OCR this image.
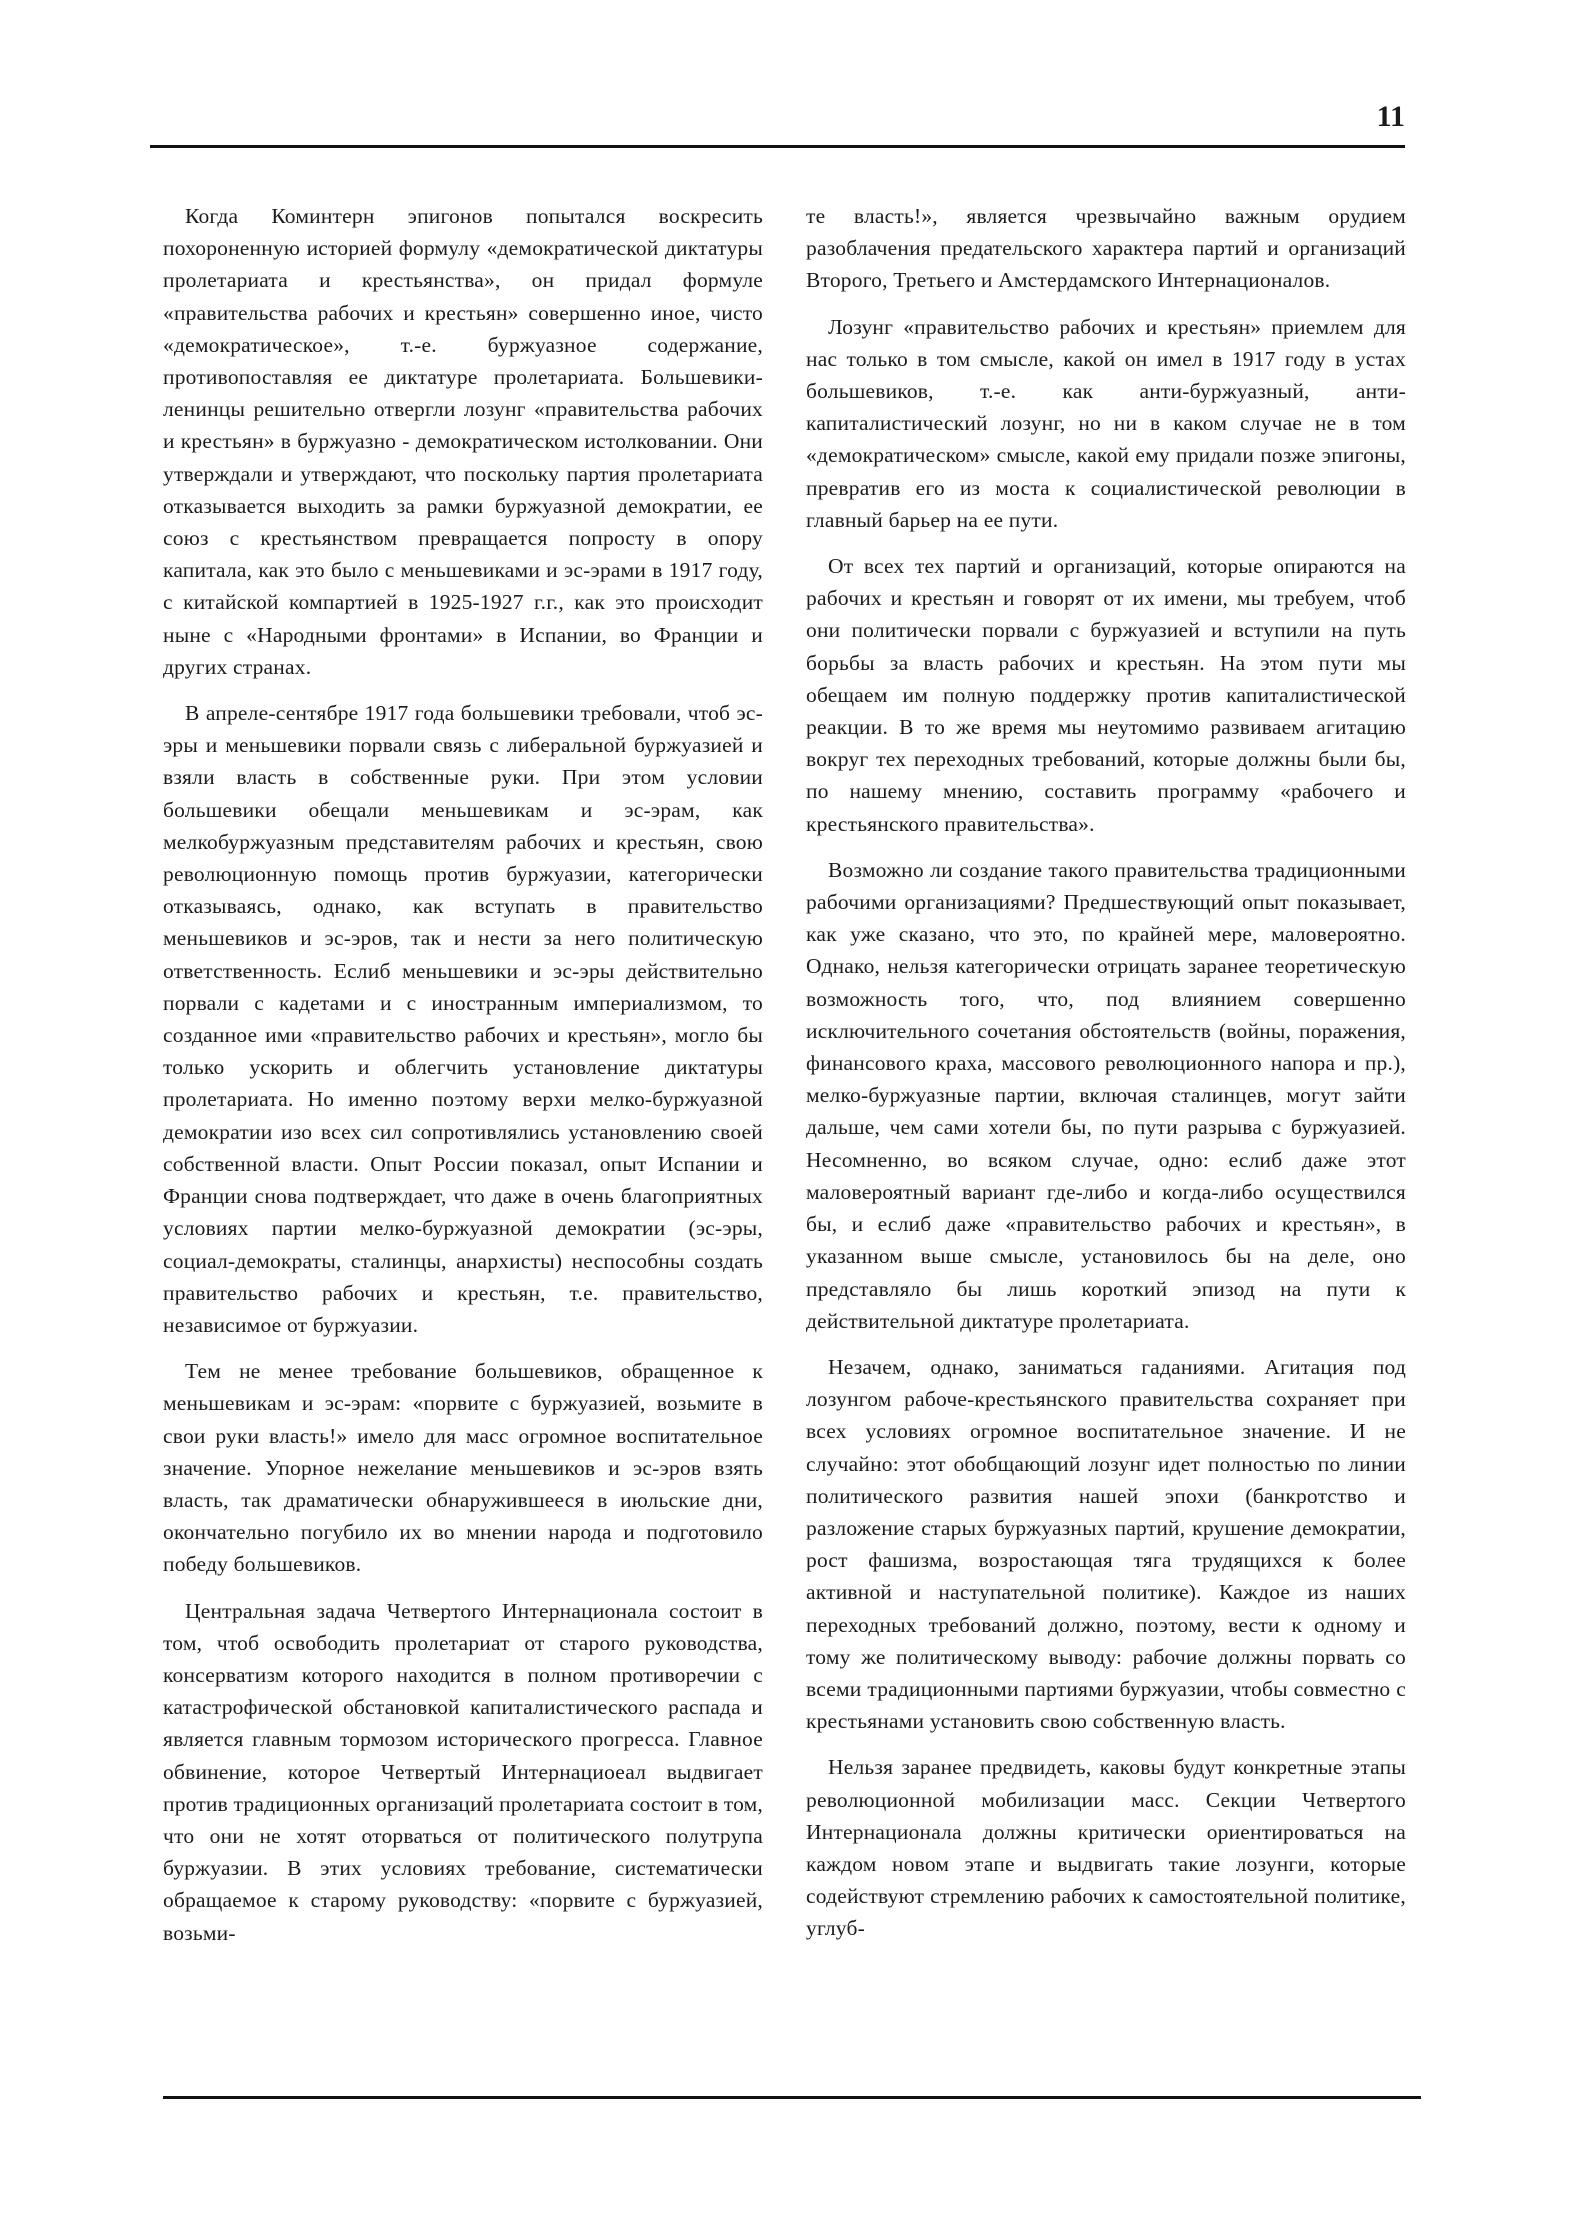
11

Когда Коминтерн эпигонов попытался воскресить похороненную историей формулу «демократической диктатуры пролетариата и крестьянства», он придал формуле «правительства рабочих и крестьян» совершенно иное, чисто «демократическое», т.-е. буржуазное содержание, противопоставляя ее диктатуре пролетариата. Большевики-ленинцы решительно отвергли лозунг «правительства рабочих и крестьян» в буржуазно - демократическом истолковании. Они утверждали и утверждают, что поскольку партия пролетариата отказывается выходить за рамки буржуазной демократии, ее союз с крестьянством превращается попросту в опору капитала, как это было с меньшевиками и эс-эрами в 1917 году, с китайской компартией в 1925-1927 г.г., как это происходит ныне с «Народными фронтами» в Испании, во Франции и других странах.

В апреле-сентябре 1917 года большевики требовали, чтоб эс-эры и меньшевики порвали связь с либеральной буржуазией и взяли власть в собственные руки. При этом условии большевики обещали меньшевикам и эс-эрам, как мелкобуржуазным представителям рабочих и крестьян, свою революционную помощь против буржуазии, категорически отказываясь, однако, как вступать в правительство меньшевиков и эс-эров, так и нести за него политическую ответственность. Еслиб меньшевики и эс-эры действительно порвали с кадетами и с иностранным империализмом, то созданное ими «правительство рабочих и крестьян», могло бы только ускорить и облегчить установление диктатуры пролетариата. Но именно поэтому верхи мелко-буржуазной демократии изо всех сил сопротивлялись установлению своей собственной власти. Опыт России показал, опыт Испании и Франции снова подтверждает, что даже в очень благоприятных условиях партии мелко-буржуазной демократии (эс-эры, социал-демократы, сталинцы, анархисты) неспособны создать правительство рабочих и крестьян, т.е. правительство, независимое от буржуазии.

Тем не менее требование большевиков, обращенное к меньшевикам и эс-эрам: «порвите с буржуазией, возьмите в свои руки власть!» имело для масс огромное воспитательное значение. Упорное нежелание меньшевиков и эс-эров взять власть, так драматически обнаружившееся в июльские дни, окончательно погубило их во мнении народа и подготовило победу большевиков.

Центральная задача Четвертого Интернационала состоит в том, чтоб освободить пролетариат от старого руководства, консерватизм которого находится в полном противоречии с катастрофической обстановкой капиталистического распада и является главным тормозом исторического прогресса. Главное обвинение, которое Четвертый Интернациоеал выдвигает против традиционных организаций пролетариата состоит в том, что они не хотят оторваться от политического полутрупа буржуазии. В этих условиях требование, систематически обращаемое к старому руководству: «порвите с буржуазией, возьми-

те власть!», является чрезвычайно важным орудием разоблачения предательского характера партий и организаций Второго, Третьего и Амстердамского Интернационалов.

Лозунг «правительство рабочих и крестьян» приемлем для нас только в том смысле, какой он имел в 1917 году в устах большевиков, т.-е. как анти-буржуазный, анти-капиталистический лозунг, но ни в каком случае не в том «демократическом» смысле, какой ему придали позже эпигоны, превратив его из моста к социалистической революции в главный барьер на ее пути.

От всех тех партий и организаций, которые опираются на рабочих и крестьян и говорят от их имени, мы требуем, чтоб они политически порвали с буржуазией и вступили на путь борьбы за власть рабочих и крестьян. На этом пути мы обещаем им полную поддержку против капиталистической реакции. В то же время мы неутомимо развиваем агитацию вокруг тех переходных требований, которые должны были бы, по нашему мнению, составить программу «рабочего и крестьянского правительства».

Возможно ли создание такого правительства традиционными рабочими организациями? Предшествующий опыт показывает, как уже сказано, что это, по крайней мере, маловероятно. Однако, нельзя категорически отрицать заранее теоретическую возможность того, что, под влиянием совершенно исключительного сочетания обстоятельств (войны, поражения, финансового краха, массового революционного напора и пр.), мелко-буржуазные партии, включая сталинцев, могут зайти дальше, чем сами хотели бы, по пути разрыва с буржуазией. Несомненно, во всяком случае, одно: еслиб даже этот маловероятный вариант где-либо и когда-либо осуществился бы, и еслиб даже «правительство рабочих и крестьян», в указанном выше смысле, установилось бы на деле, оно представляло бы лишь короткий эпизод на пути к действительной диктатуре пролетариата.

Незачем, однако, заниматься гаданиями. Агитация под лозунгом рабоче-крестьянского правительства сохраняет при всех условиях огромное воспитательное значение. И не случайно: этот обобщающий лозунг идет полностью по линии политического развития нашей эпохи (банкротство и разложение старых буржуазных партий, крушение демократии, рост фашизма, возростающая тяга трудящихся к более активной и наступательной политике). Каждое из наших переходных требований должно, поэтому, вести к одному и тому же политическому выводу: рабочие должны порвать со всеми традиционными партиями буржуазии, чтобы совместно с крестьянами установить свою собственную власть.

Нельзя заранее предвидеть, каковы будут конкретные этапы революционной мобилизации масс. Секции Четвертого Интернационала должны критически ориентироваться на каждом новом этапе и выдвигать такие лозунги, которые содействуют стремлению рабочих к самостоятельной политике, углуб-
